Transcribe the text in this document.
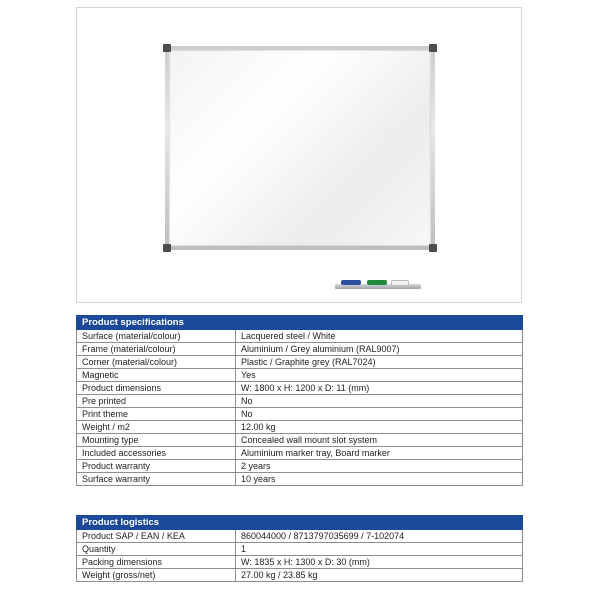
Product specifications	
Surface (material/colour)	Lacquered steel / White
Frame (material/colour)	Aluminium / Grey aluminium (RAL9007)
Corner (material/colour)	Plastic / Graphite grey (RAL7024)
Magnetic	Yes
Product dimensions	W: 1800 x H: 1200 x D: 11 (mm)
Pre printed	No
Print theme	No
Weight / m2	12.00 kg
Mounting type	Concealed wall mount slot system
Included accessories	Aluminium marker tray, Board marker
Product warranty	2 years
Surface warranty	10 years
Product logistics	
Product SAP / EAN / KEA	860044000 / 8713797035699 / 7-102074
Quantity	1
Packing dimensions	W: 1835 x H: 1300 x D: 30 (mm)
Weight (gross/net)	27.00 kg / 23.85 kg
